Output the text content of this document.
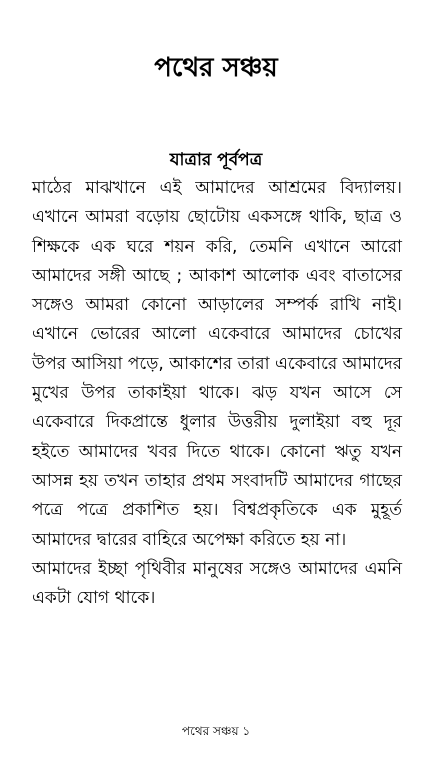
পথের সঞ্চয়
যাত্রার পূর্বপত্র

মাঠের মাঝখানে এই আমাদের আশ্রমের বিদ্যালয়। এখানে আমরা বড়োয় ছোটোয় একসঙ্গে থাকি, ছাত্র ও শিক্ষকে এক ঘরে শয়ন করি, তেমনি এখানে আরো আমাদের সঙ্গী আছে ; আকাশ আলোক এবং বাতাসের সঙ্গেও আমরা কোনো আড়ালের সম্পর্ক রাখি নাই। এখানে ভোরের আলো একেবারে আমাদের চোখের উপর আসিয়া পড়ে, আকাশের তারা একেবারে আমাদের মুখের উপর তাকাইয়া থাকে। ঝড় যখন আসে সে একেবারে দিকপ্রান্তে ধুলার উত্তরীয় দুলাইয়া বহু দূর হইতে আমাদের খবর দিতে থাকে। কোনো ঋতু যখন আসন্ন হয় তখন তাহার প্রথম সংবাদটি আমাদের গাছের পত্রে পত্রে প্রকাশিত হয়। বিশ্বপ্রকৃতিকে এক মুহূর্ত আমাদের দ্বারের বাহিরে অপেক্ষা করিতে হয় না।

আমাদের ইচ্ছা পৃথিবীর মানুষের সঙ্গেও আমাদের এমনি একটা যোগ থাকে।

পথের সঞ্চয় ১
